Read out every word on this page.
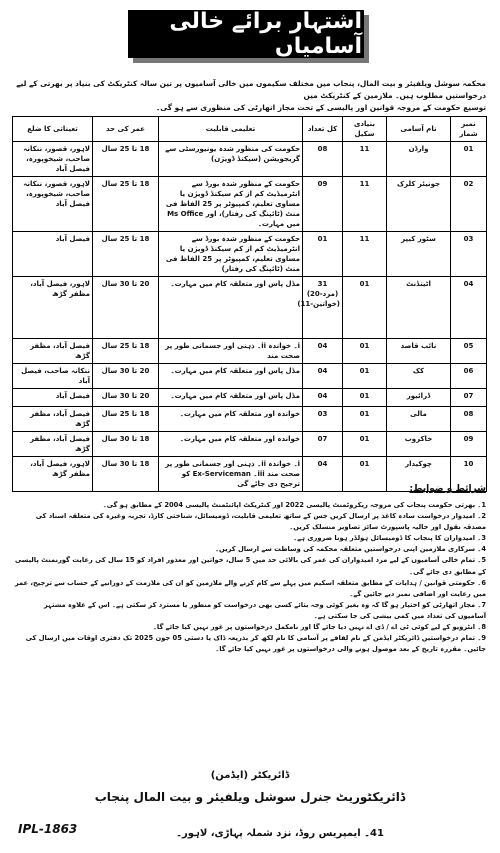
اشتہار برائے خالی آسامیاں
محکمہ سوشل ویلفیئر و بیت المال، پنجاب میں مختلف سکیموں میں خالی آسامیوں پر تین سالہ کنٹریکٹ کی بنیاد پر بھرتی کے لیے درخواستیں مطلوب ہیں۔ ملازمین کے کنٹریکٹ میں
توسیع حکومت کے مروجہ قوانین اور پالیسی کے تحت مجاز اتھارٹی کی منظوری سے ہو گی۔
نمبر شمار	نام آسامی	بنیادی سکیل	کل تعداد	تعلیمی قابلیت	عمر کی حد	تعیناتی کا ضلع
01	وارڈن	11	08	حکومت کی منظور شدہ یونیورسٹی سے گریجویشن (سیکنڈ ڈویژن)	18 تا 25 سال	لاہور، قصور، ننکانہ صاحب، شیخوپورہ، فیصل آباد
02	جونیئر کلرک	11	09	حکومت کے منظور شدہ بورڈ سے انٹرمیڈیٹ کم از کم سیکنڈ ڈویژن یا مساوی تعلیم، کمپیوٹر پر 25 الفاظ فی منٹ (ٹائپنگ کی رفتار)، اور Ms Office میں مہارت۔	18 تا 25 سال	لاہور، قصور، ننکانہ صاحب، شیخوپورہ، فیصل آباد
03	سٹور کیپر	11	01	حکومت کے منظور شدہ بورڈ سے انٹرمیڈیٹ کم از کم سیکنڈ ڈویژن یا مساوی تعلیم، کمپیوٹر پر 25 الفاظ فی منٹ (ٹائپنگ کی رفتار)	18 تا 25 سال	فیصل آباد
04	اٹینڈنٹ	01	31 (مرد-20) (خواتین-11)	مڈل پاس اور متعلقہ کام میں مہارت۔	20 تا 30 سال	لاہور، فیصل آباد، مظفر گڑھ
05	نائب قاصد	01	04	i۔ خواندہ ii۔ ذہنی اور جسمانی طور پر صحت مند	18 تا 25 سال	فیصل آباد، مظفر گڑھ
06	کک	01	04	مڈل پاس اور متعلقہ کام میں مہارت۔	20 تا 30 سال	ننکانہ صاحب، فیصل آباد
07	ڈرائیور	01	04	مڈل پاس اور متعلقہ کام میں مہارت۔	20 تا 30 سال	فیصل آباد
08	مالی	01	03	خواندہ اور متعلقہ کام میں مہارت۔	18 تا 25 سال	فیصل آباد، مظفر گڑھ
09	خاکروب	01	07	خواندہ اور متعلقہ کام میں مہارت۔	18 تا 30 سال	فیصل آباد، مظفر گڑھ
10	چوکیدار	01	04	i۔ خواندہ ii۔ ذہنی اور جسمانی طور پر صحت مند iii۔ Ex-Serviceman کو ترجیح دی جائے گی	18 تا 30 سال	لاہور، فیصل آباد، مظفر گڑھ
شرائط و ضوابط:

1۔ بھرتی حکومت پنجاب کی مروجہ ریکروٹمنٹ پالیسی 2022 اور کنٹریکٹ اپائنٹمنٹ پالیسی 2004 کے مطابق ہو گی۔

2۔ امیدوار درخواست سادہ کاغذ پر ارسال کریں جس کے ساتھ تعلیمی قابلیت، ڈومیسائل، شناختی کارڈ، تجربہ وغیرہ کی متعلقہ اسناد کی مصدقہ نقول اور حالیہ پاسپورٹ سائز تصاویر منسلک کریں۔

3۔ امیدواران کا پنجاب کا ڈومیسائل ہولڈر ہونا ضروری ہے۔

4۔ سرکاری ملازمین اپنی درخواستیں متعلقہ محکمہ کی وساطت سے ارسال کریں۔

5۔ تمام خالی آسامیوں کے لیے مرد امیدواران کی عمر کی بالائی حد میں 5 سال، خواتین اور معذور افراد کو 15 سال کی رعایت گورنمنٹ پالیسی کے مطابق دی جائے گی۔

6۔ حکومتی قوانین / ہدایات کے مطابق متعلقہ اسکیم میں پہلے سے کام کرنے والے ملازمین کو ان کی ملازمت کے دورانیے کے حساب سے ترجیح، عمر میں رعایت اور اضافی نمبر دیے جائیں گے۔

7۔ مجاز اتھارٹی کو اختیار ہو گا کہ وہ بغیر کوئی وجہ بتائے کسی بھی درخواست کو منظور یا مسترد کر سکتی ہے۔ اس کے علاوہ مشتہر آسامیوں کی تعداد میں کمی بیشی کی جا سکتی ہے۔

8۔ انٹرویو کے لیے کوئی ٹی اے / ڈی اے نہیں دیا جائے گا اور نامکمل درخواستوں پر غور نہیں کیا جائے گا۔

9۔ تمام درخواستیں ڈائریکٹر ایڈمن کے نام لفافے پر آسامی کا نام لکھ کر بذریعہ ڈاک یا دستی 05 جون 2025 تک دفتری اوقات میں ارسال کی جائیں۔ مقررہ تاریخ کے بعد موصول ہونے والی درخواستوں پر غور نہیں کیا جائے گا۔

ڈائریکٹر (ایڈمن)
ڈائریکٹوریٹ جنرل سوشل ویلفیئر و بیت المال پنجاب
41۔ ایمپریس روڈ، نزد شملہ پہاڑی، لاہور۔
IPL-1863
